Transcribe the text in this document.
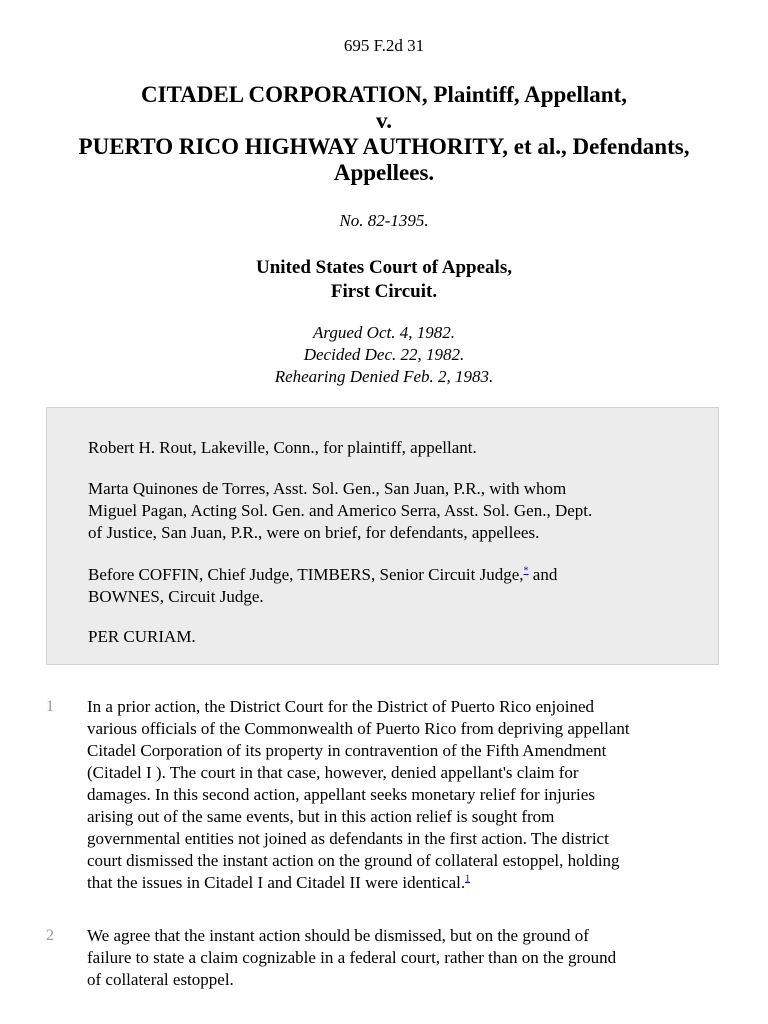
695 F.2d 31
CITADEL CORPORATION, Plaintiff, Appellant,
v.
PUERTO RICO HIGHWAY AUTHORITY, et al., Defendants,
Appellees.
No. 82-1395.
United States Court of Appeals,
First Circuit.
Argued Oct. 4, 1982.
Decided Dec. 22, 1982.
Rehearing Denied Feb. 2, 1983.

Robert H. Rout, Lakeville, Conn., for plaintiff, appellant.

Marta Quinones de Torres, Asst. Sol. Gen., San Juan, P.R., with whom
Miguel Pagan, Acting Sol. Gen. and Americo Serra, Asst. Sol. Gen., Dept.
of Justice, San Juan, P.R., were on brief, for defendants, appellees.

Before COFFIN, Chief Judge, TIMBERS, Senior Circuit Judge,* and
BOWNES, Circuit Judge.

PER CURIAM.

1 In a prior action, the District Court for the District of Puerto Rico enjoined
various officials of the Commonwealth of Puerto Rico from depriving appellant
Citadel Corporation of its property in contravention of the Fifth Amendment
(Citadel I ). The court in that case, however, denied appellant's claim for
damages. In this second action, appellant seeks monetary relief for injuries
arising out of the same events, but in this action relief is sought from
governmental entities not joined as defendants in the first action. The district
court dismissed the instant action on the ground of collateral estoppel, holding
that the issues in Citadel I and Citadel II were identical.$^1$

2 We agree that the instant action should be dismissed, but on the ground of
failure to state a claim cognizable in a federal court, rather than on the ground
of collateral estoppel.
